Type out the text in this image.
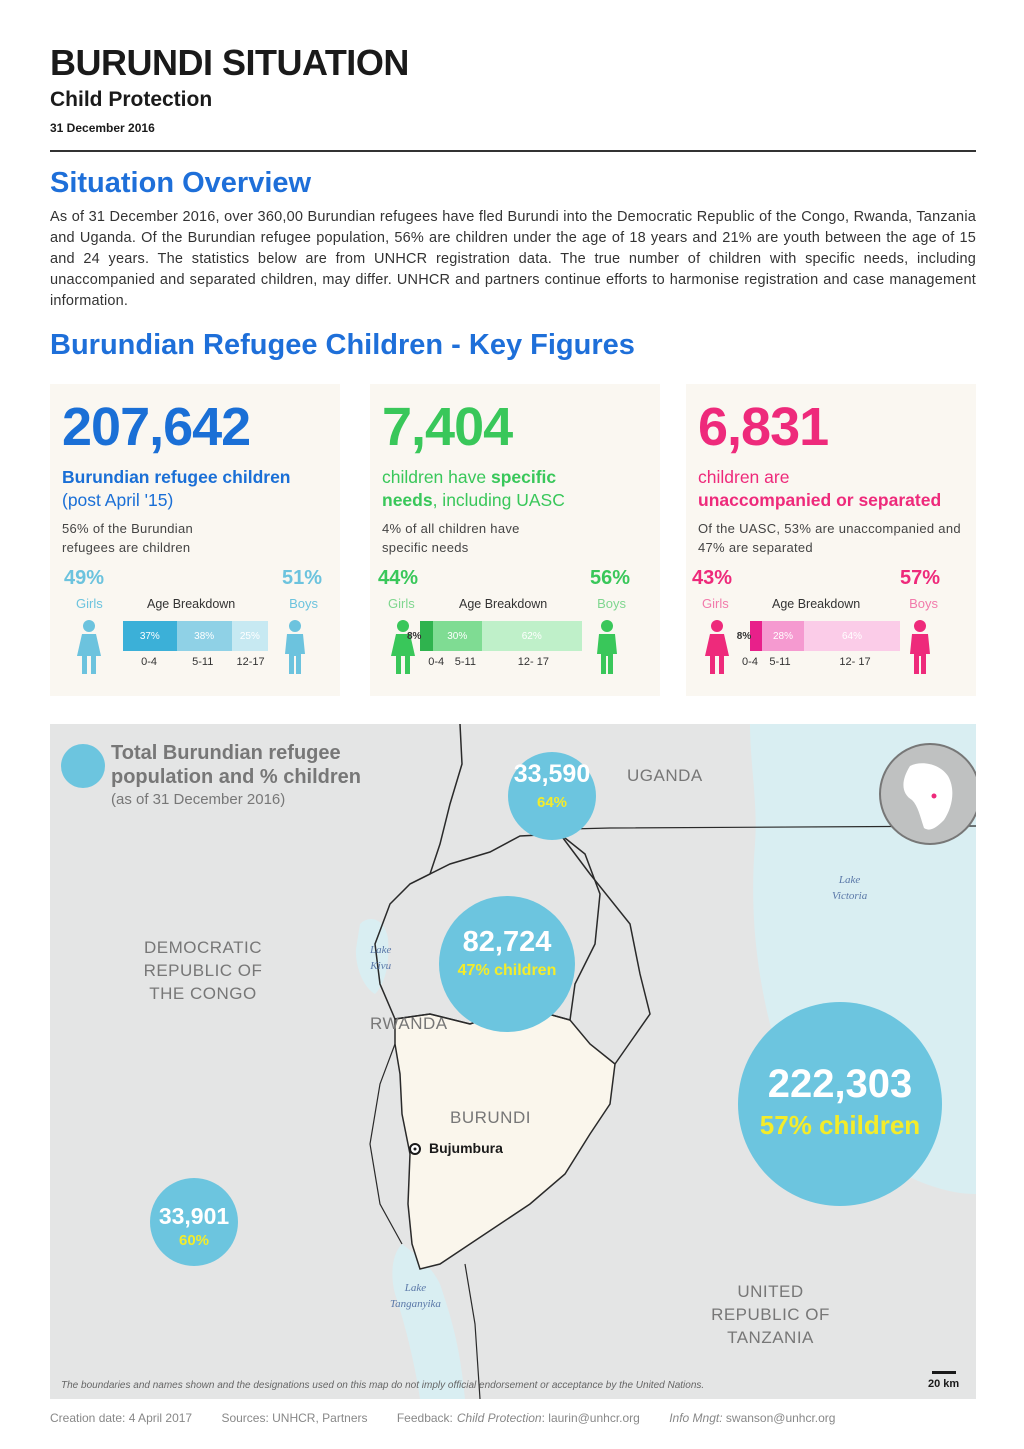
BURUNDI SITUATION
Child Protection
31 December 2016
Situation Overview
As of 31 December 2016, over 360,00 Burundian refugees have fled Burundi into the Democratic Republic of the Congo, Rwanda, Tanzania and Uganda. Of the Burundian refugee population, 56% are children under the age of 18 years and 21% are youth between the age of 15 and 24 years. The statistics below are from UNHCR registration data. The true number of children with specific needs, including unaccompanied and separated children, may differ. UNHCR and partners continue efforts to harmonise registration and case management information.
Burundian Refugee Children - Key Figures
207,642
Burundian refugee children
(post April '15)
56% of the Burundian refugees are children
49%	51%
Girls	Boys
Age Breakdown
37%	38%	25%
0-4	5-11 12-17
7,404
children have specific needs, including UASC
4% of all children have specific needs
44%	56%
Girls	Boys
Age Breakdown
8%	30%	62%
0-4 5-11	12- 17
6,831
children are
unaccompanied or separated
Of the UASC, 53% are unaccompanied and 47% are separated
43%	57%
Girls	Boys
Age Breakdown
8%	28%	64%
0-4 5-11	12- 17
Total Burundian refugee population and % children
(as of 31 December 2016)
UGANDA
DEMOCRATIC
REPUBLIC OF
THE CONGO
RWANDA
BURUNDI
UNITED
REPUBLIC OF
TANZANIA
Bujumbura
Lake
Victoria
Lake
Kivu
Lake
Tanganyika
33,590
64%
82,724
47% children
222,303
57% children
33,901
60%
The boundaries and names shown and the designations used on this map do not imply official endorsement or acceptance by the United Nations.	20 km
Creation date: 4 April 2017 Sources: UNHCR, Partners Feedback: Child Protection: laurin@unhcr.org Info Mngt: swanson@unhcr.org
